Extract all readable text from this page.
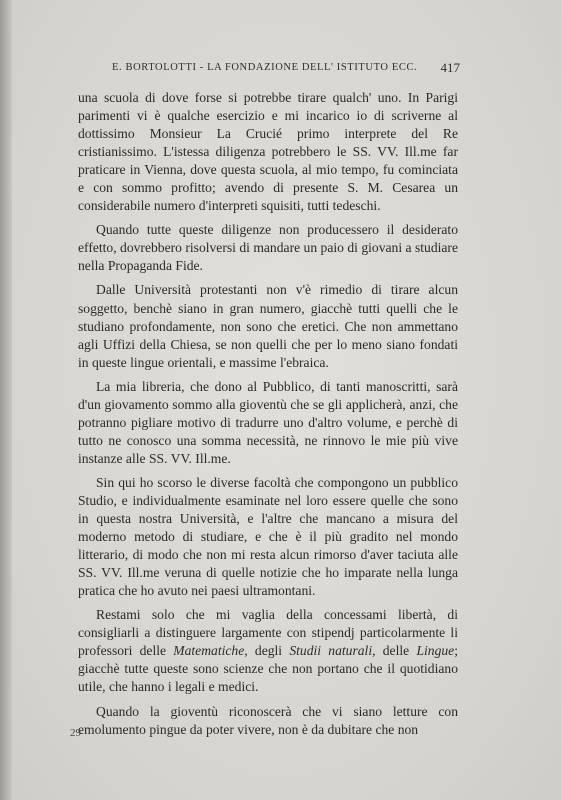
E. BORTOLOTTI - LA FONDAZIONE DELL' ISTITUTO ECC. 417

una scuola di dove forse si potrebbe tirare qualch' uno. In Parigi parimenti vi è qualche esercizio e mi incarico io di scriverne al dottissimo Monsieur La Crucié primo interprete del Re cristianissimo. L'istessa diligenza potrebbero le SS. VV. Ill.me far praticare in Vienna, dove questa scuola, al mio tempo, fu cominciata e con sommo profitto; avendo di presente S. M. Cesarea un considerabile numero d'interpreti squisiti, tutti tedeschi.

Quando tutte queste diligenze non producessero il desiderato effetto, dovrebbero risolversi di mandare un paio di giovani a studiare nella Propaganda Fide.

Dalle Università protestanti non v'è rimedio di tirare alcun soggetto, benchè siano in gran numero, giacchè tutti quelli che le studiano profondamente, non sono che eretici. Che non ammettano agli Uffizi della Chiesa, se non quelli che per lo meno siano fondati in queste lingue orientali, e massime l'ebraica.

La mia libreria, che dono al Pubblico, di tanti manoscritti, sarà d'un giovamento sommo alla gioventù che se gli applicherà, anzi, che potranno pigliare motivo di tradurre uno d'altro volume, e perchè di tutto ne conosco una somma necessità, ne rinnovo le mie più vive instanze alle SS. VV. Ill.me.

Sin qui ho scorso le diverse facoltà che compongono un pubblico Studio, e individualmente esaminate nel loro essere quelle che sono in questa nostra Università, e l'altre che mancano a misura del moderno metodo di studiare, e che è il più gradito nel mondo litterario, di modo che non mi resta alcun rimorso d'aver taciuta alle SS. VV. Ill.me veruna di quelle notizie che ho imparate nella lunga pratica che ho avuto nei paesi ultramontani.

Restami solo che mi vaglia della concessami libertà, di consigliarli a distinguere largamente con stipendj particolarmente li professori delle Matematiche, degli Studii naturali, delle Lingue; giacchè tutte queste sono scienze che non portano che il quotidiano utile, che hanno i legali e medici.

Quando la gioventù riconoscerà che vi siano letture con emolumento pingue da poter vivere, non è da dubitare che non

29
